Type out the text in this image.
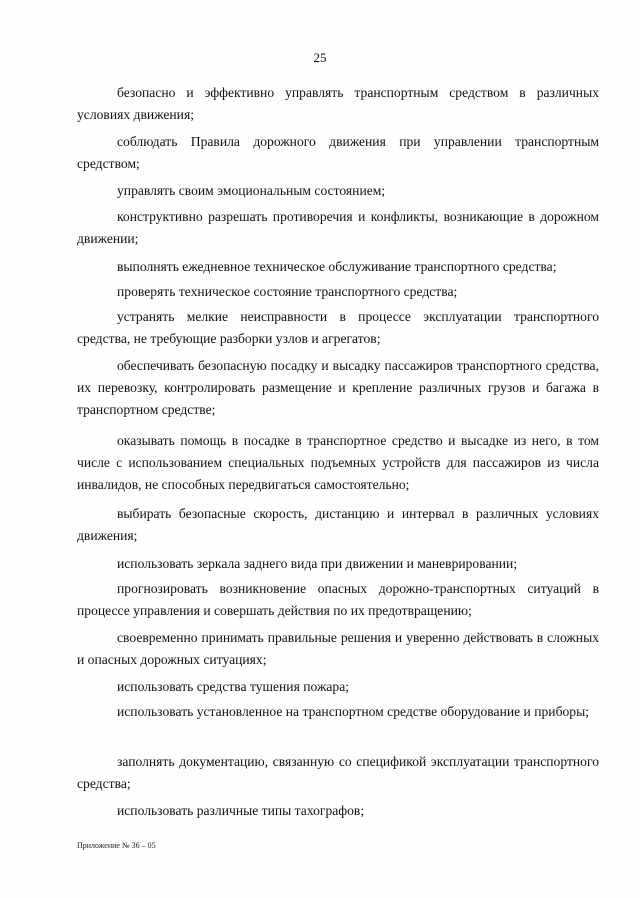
25
безопасно и эффективно управлять транспортным средством в различных условиях движения;
соблюдать Правила дорожного движения при управлении транспортным средством;
управлять своим эмоциональным состоянием;
конструктивно разрешать противоречия и конфликты, возникающие в дорожном движении;
выполнять ежедневное техническое обслуживание транспортного средства;
проверять техническое состояние транспортного средства;
устранять мелкие неисправности в процессе эксплуатации транспортного средства, не требующие разборки узлов и агрегатов;
обеспечивать безопасную посадку и высадку пассажиров транспортного средства, их перевозку, контролировать размещение и крепление различных грузов и багажа в транспортном средстве;
оказывать помощь в посадке в транспортное средство и высадке из него, в том числе с использованием специальных подъемных устройств для пассажиров из числа инвалидов, не способных передвигаться самостоятельно;
выбирать безопасные скорость, дистанцию и интервал в различных условиях движения;
использовать зеркала заднего вида при движении и маневрировании;
прогнозировать возникновение опасных дорожно-транспортных ситуаций в процессе управления и совершать действия по их предотвращению;
своевременно принимать правильные решения и уверенно действовать в сложных и опасных дорожных ситуациях;
использовать средства тушения пожара;
использовать установленное на транспортном средстве оборудование и приборы;
заполнять документацию, связанную со спецификой эксплуатации транспортного средства;
использовать различные типы тахографов;
Приложение № 36 – 05
